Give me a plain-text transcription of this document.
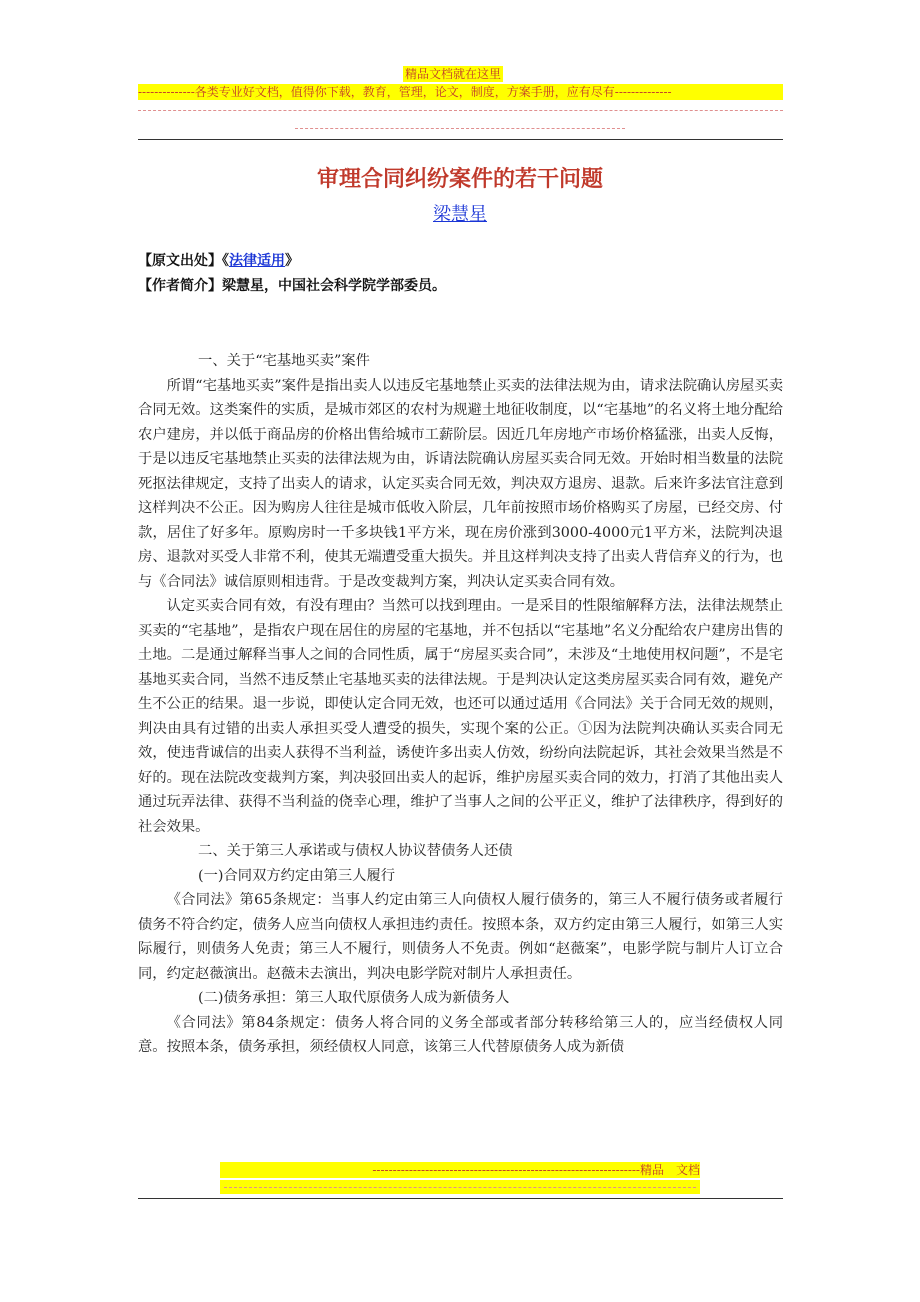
精品文档就在这里
--------------各类专业好文档，值得你下载，教育，管理，论文，制度，方案手册，应有尽有--------------
审理合同纠纷案件的若干问题
梁慧星
【原文出处】《法律适用》
【作者简介】梁慧星，中国社会科学院学部委员。

一、关于“宅基地买卖”案件

所谓“宅基地买卖”案件是指出卖人以违反宅基地禁止买卖的法律法规为由，请求法院确认房屋买卖合同无效。这类案件的实质，是城市郊区的农村为规避土地征收制度，以“宅基地”的名义将土地分配给农户建房，并以低于商品房的价格出售给城市工薪阶层。因近几年房地产市场价格猛涨，出卖人反悔，于是以违反宅基地禁止买卖的法律法规为由，诉请法院确认房屋买卖合同无效。开始时相当数量的法院死抠法律规定，支持了出卖人的请求，认定买卖合同无效，判决双方退房、退款。后来许多法官注意到这样判决不公正。因为购房人往往是城市低收入阶层，几年前按照市场价格购买了房屋，已经交房、付款，居住了好多年。原购房时一千多块钱1平方米，现在房价涨到3000-4000元1平方米，法院判决退房、退款对买受人非常不利，使其无端遭受重大损失。并且这样判决支持了出卖人背信弃义的行为，也与《合同法》诚信原则相违背。于是改变裁判方案，判决认定买卖合同有效。

认定买卖合同有效，有没有理由？当然可以找到理由。一是采目的性限缩解释方法，法律法规禁止买卖的“宅基地”，是指农户现在居住的房屋的宅基地，并不包括以“宅基地”名义分配给农户建房出售的土地。二是通过解释当事人之间的合同性质，属于“房屋买卖合同”，未涉及“土地使用权问题”，不是宅基地买卖合同，当然不违反禁止宅基地买卖的法律法规。于是判决认定这类房屋买卖合同有效，避免产生不公正的结果。退一步说，即使认定合同无效，也还可以通过适用《合同法》关于合同无效的规则，判决由具有过错的出卖人承担买受人遭受的损失，实现个案的公正。①因为法院判决确认买卖合同无效，使违背诚信的出卖人获得不当利益，诱使许多出卖人仿效，纷纷向法院起诉，其社会效果当然是不好的。现在法院改变裁判方案，判决驳回出卖人的起诉，维护房屋买卖合同的效力，打消了其他出卖人通过玩弄法律、获得不当利益的侥幸心理，维护了当事人之间的公平正义，维护了法律秩序，得到好的社会效果。

二、关于第三人承诺或与债权人协议替债务人还债

(一)合同双方约定由第三人履行

《合同法》第65条规定：当事人约定由第三人向债权人履行债务的，第三人不履行债务或者履行债务不符合约定，债务人应当向债权人承担违约责任。按照本条，双方约定由第三人履行，如第三人实际履行，则债务人免责；第三人不履行，则债务人不免责。例如“赵薇案”，电影学院与制片人订立合同，约定赵薇演出。赵薇未去演出，判决电影学院对制片人承担责任。

(二)债务承担：第三人取代原债务人成为新债务人

《合同法》第84条规定：债务人将合同的义务全部或者部分转移给第三人的，应当经债权人同意。按照本条，债务承担，须经债权人同意，该第三人代替原债务人成为新债

------------------------------------------------------------------精品　文档
